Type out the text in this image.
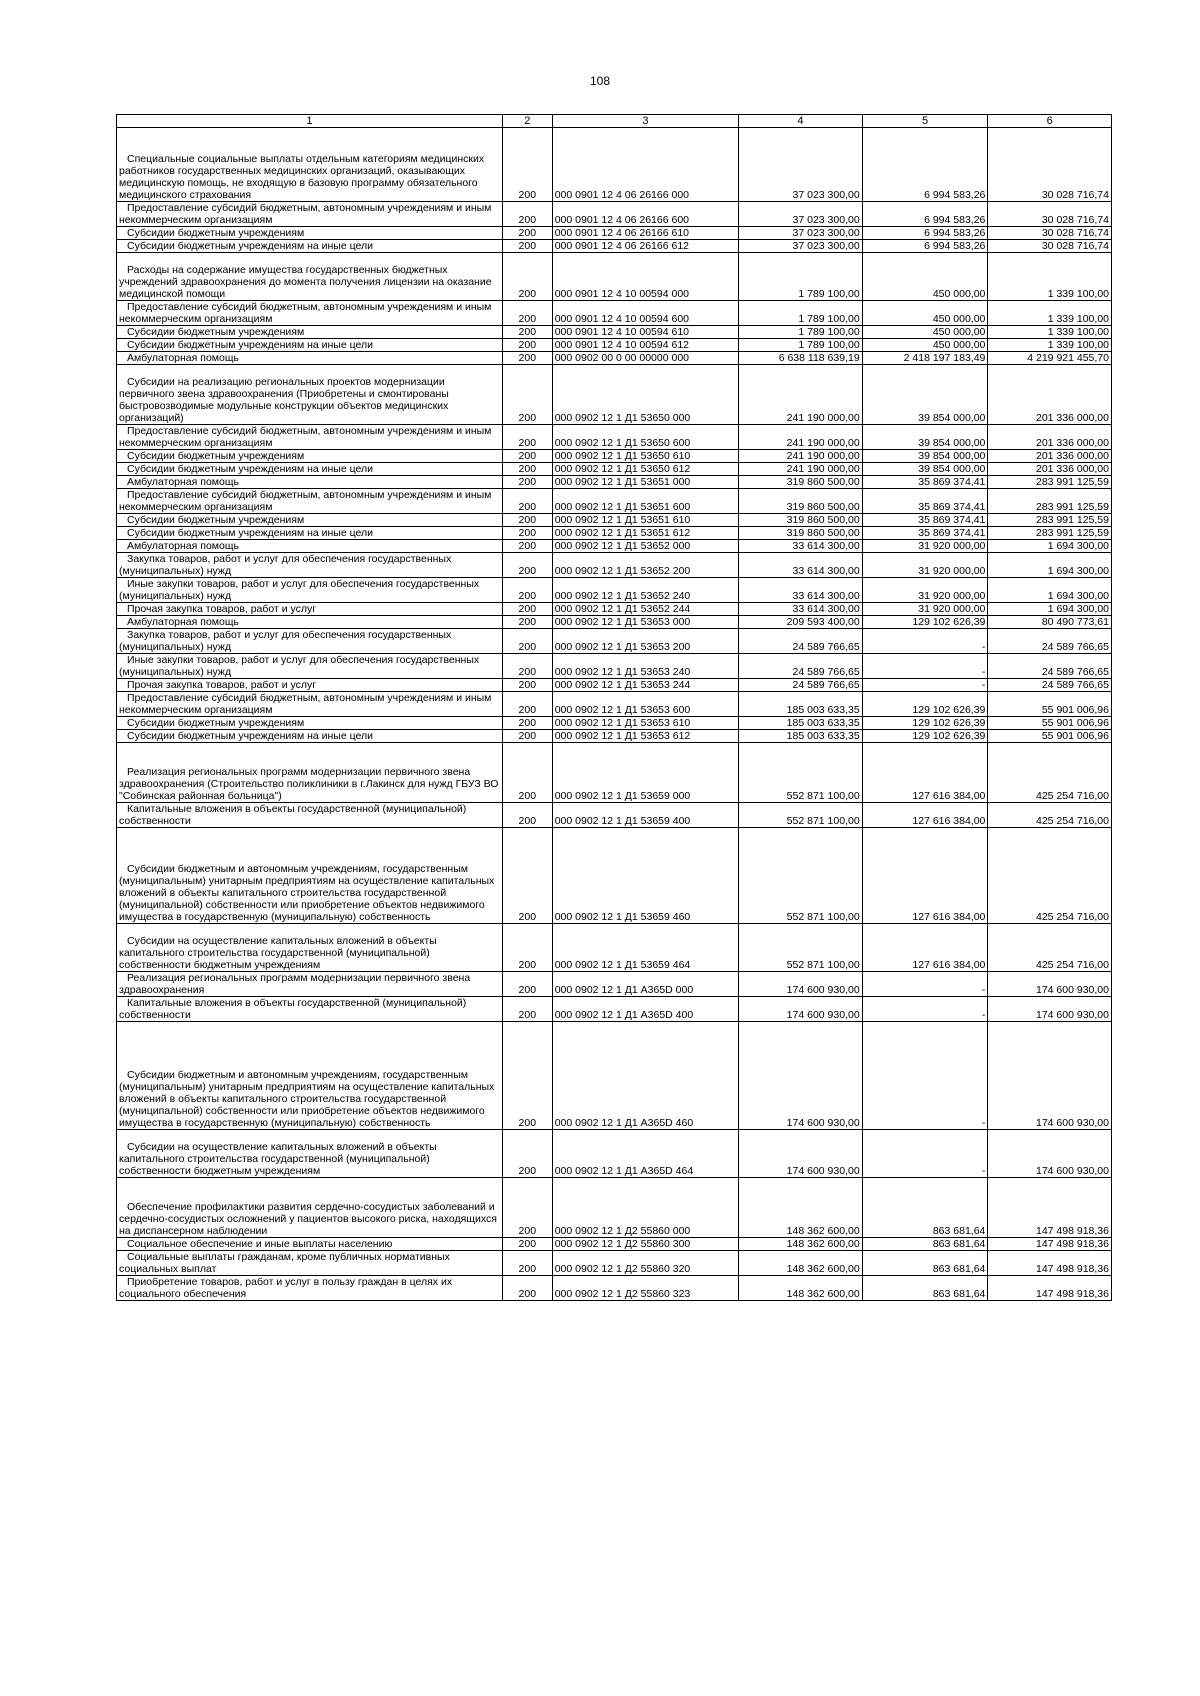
108
1	2	3	4	5	6

Специальные социальные выплаты отдельным категориям медицинских работников государственных медицинских организаций, оказывающих медицинскую помощь, не входящую в базовую программу обязательного медицинского страхования	200	000 0901 12 4 06 26166 000	37 023 300,00	6 994 583,26	30 028 716,74

Предоставление субсидий бюджетным, автономным учреждениям и иным некоммерческим организациям	200	000 0901 12 4 06 26166 600	37 023 300,00	6 994 583,26	30 028 716,74

Субсидии бюджетным учреждениям	200	000 0901 12 4 06 26166 610	37 023 300,00	6 994 583,26	30 028 716,74

Субсидии бюджетным учреждениям на иные цели	200	000 0901 12 4 06 26166 612	37 023 300,00	6 994 583,26	30 028 716,74

Расходы на содержание имущества государственных бюджетных учреждений здравоохранения до момента получения лицензии на оказание медицинской помощи	200	000 0901 12 4 10 00594 000	1 789 100,00	450 000,00	1 339 100,00

Предоставление субсидий бюджетным, автономным учреждениям и иным некоммерческим организациям	200	000 0901 12 4 10 00594 600	1 789 100,00	450 000,00	1 339 100,00

Субсидии бюджетным учреждениям	200	000 0901 12 4 10 00594 610	1 789 100,00	450 000,00	1 339 100,00

Субсидии бюджетным учреждениям на иные цели	200	000 0901 12 4 10 00594 612	1 789 100,00	450 000,00	1 339 100,00

Амбулаторная помощь	200	000 0902 00 0 00 00000 000	6 638 118 639,19	2 418 197 183,49	4 219 921 455,70

Субсидии на реализацию региональных проектов модернизации первичного звена здравоохранения (Приобретены и смонтированы быстровозводимые модульные конструкции объектов медицинских организаций)	200	000 0902 12 1 Д1 53650 000	241 190 000,00	39 854 000,00	201 336 000,00

Предоставление субсидий бюджетным, автономным учреждениям и иным некоммерческим организациям	200	000 0902 12 1 Д1 53650 600	241 190 000,00	39 854 000,00	201 336 000,00

Субсидии бюджетным учреждениям	200	000 0902 12 1 Д1 53650 610	241 190 000,00	39 854 000,00	201 336 000,00

Субсидии бюджетным учреждениям на иные цели	200	000 0902 12 1 Д1 53650 612	241 190 000,00	39 854 000,00	201 336 000,00

Амбулаторная помощь	200	000 0902 12 1 Д1 53651 000	319 860 500,00	35 869 374,41	283 991 125,59

Предоставление субсидий бюджетным, автономным учреждениям и иным некоммерческим организациям	200	000 0902 12 1 Д1 53651 600	319 860 500,00	35 869 374,41	283 991 125,59

Субсидии бюджетным учреждениям	200	000 0902 12 1 Д1 53651 610	319 860 500,00	35 869 374,41	283 991 125,59

Субсидии бюджетным учреждениям на иные цели	200	000 0902 12 1 Д1 53651 612	319 860 500,00	35 869 374,41	283 991 125,59

Амбулаторная помощь	200	000 0902 12 1 Д1 53652 000	33 614 300,00	31 920 000,00	1 694 300,00

Закупка товаров, работ и услуг для обеспечения государственных (муниципальных) нужд	200	000 0902 12 1 Д1 53652 200	33 614 300,00	31 920 000,00	1 694 300,00

Иные закупки товаров, работ и услуг для обеспечения государственных (муниципальных) нужд	200	000 0902 12 1 Д1 53652 240	33 614 300,00	31 920 000,00	1 694 300,00

Прочая закупка товаров, работ и услуг	200	000 0902 12 1 Д1 53652 244	33 614 300,00	31 920 000,00	1 694 300,00

Амбулаторная помощь	200	000 0902 12 1 Д1 53653 000	209 593 400,00	129 102 626,39	80 490 773,61

Закупка товаров, работ и услуг для обеспечения государственных (муниципальных) нужд	200	000 0902 12 1 Д1 53653 200	24 589 766,65	-	24 589 766,65

Иные закупки товаров, работ и услуг для обеспечения государственных (муниципальных) нужд	200	000 0902 12 1 Д1 53653 240	24 589 766,65	-	24 589 766,65

Прочая закупка товаров, работ и услуг	200	000 0902 12 1 Д1 53653 244	24 589 766,65	-	24 589 766,65

Предоставление субсидий бюджетным, автономным учреждениям и иным некоммерческим организациям	200	000 0902 12 1 Д1 53653 600	185 003 633,35	129 102 626,39	55 901 006,96

Субсидии бюджетным учреждениям	200	000 0902 12 1 Д1 53653 610	185 003 633,35	129 102 626,39	55 901 006,96

Субсидии бюджетным учреждениям на иные цели	200	000 0902 12 1 Д1 53653 612	185 003 633,35	129 102 626,39	55 901 006,96

Реализация региональных программ модернизации первичного звена здравоохранения (Строительство поликлиники в г.Лакинск для нужд ГБУЗ ВО "Собинская районная больница")	200	000 0902 12 1 Д1 53659 000	552 871 100,00	127 616 384,00	425 254 716,00

Капитальные вложения в объекты государственной (муниципальной) собственности	200	000 0902 12 1 Д1 53659 400	552 871 100,00	127 616 384,00	425 254 716,00

Субсидии бюджетным и автономным учреждениям, государственным (муниципальным) унитарным предприятиям на осуществление капитальных вложений в объекты капитального строительства государственной (муниципальной) собственности или приобретение объектов недвижимого имущества в государственную (муниципальную) собственность	200	000 0902 12 1 Д1 53659 460	552 871 100,00	127 616 384,00	425 254 716,00

Субсидии на осуществление капитальных вложений в объекты капитального строительства государственной (муниципальной) собственности бюджетным учреждениям	200	000 0902 12 1 Д1 53659 464	552 871 100,00	127 616 384,00	425 254 716,00

Реализация региональных программ модернизации первичного звена здравоохранения	200	000 0902 12 1 Д1 А365D 000	174 600 930,00	-	174 600 930,00

Капитальные вложения в объекты государственной (муниципальной) собственности	200	000 0902 12 1 Д1 А365D 400	174 600 930,00	-	174 600 930,00

Субсидии бюджетным и автономным учреждениям, государственным (муниципальным) унитарным предприятиям на осуществление капитальных вложений в объекты капитального строительства государственной (муниципальной) собственности или приобретение объектов недвижимого имущества в государственную (муниципальную) собственность	200	000 0902 12 1 Д1 А365D 460	174 600 930,00	-	174 600 930,00

Субсидии на осуществление капитальных вложений в объекты капитального строительства государственной (муниципальной) собственности бюджетным учреждениям	200	000 0902 12 1 Д1 А365D 464	174 600 930,00	-	174 600 930,00

Обеспечение профилактики развития сердечно-сосудистых заболеваний и сердечно-сосудистых осложнений у пациентов высокого риска, находящихся на диспансерном наблюдении	200	000 0902 12 1 Д2 55860 000	148 362 600,00	863 681,64	147 498 918,36

Социальное обеспечение и иные выплаты населению	200	000 0902 12 1 Д2 55860 300	148 362 600,00	863 681,64	147 498 918,36

Социальные выплаты гражданам, кроме публичных нормативных социальных выплат	200	000 0902 12 1 Д2 55860 320	148 362 600,00	863 681,64	147 498 918,36

Приобретение товаров, работ и услуг в пользу граждан в целях их социального обеспечения	200	000 0902 12 1 Д2 55860 323	148 362 600,00	863 681,64	147 498 918,36
